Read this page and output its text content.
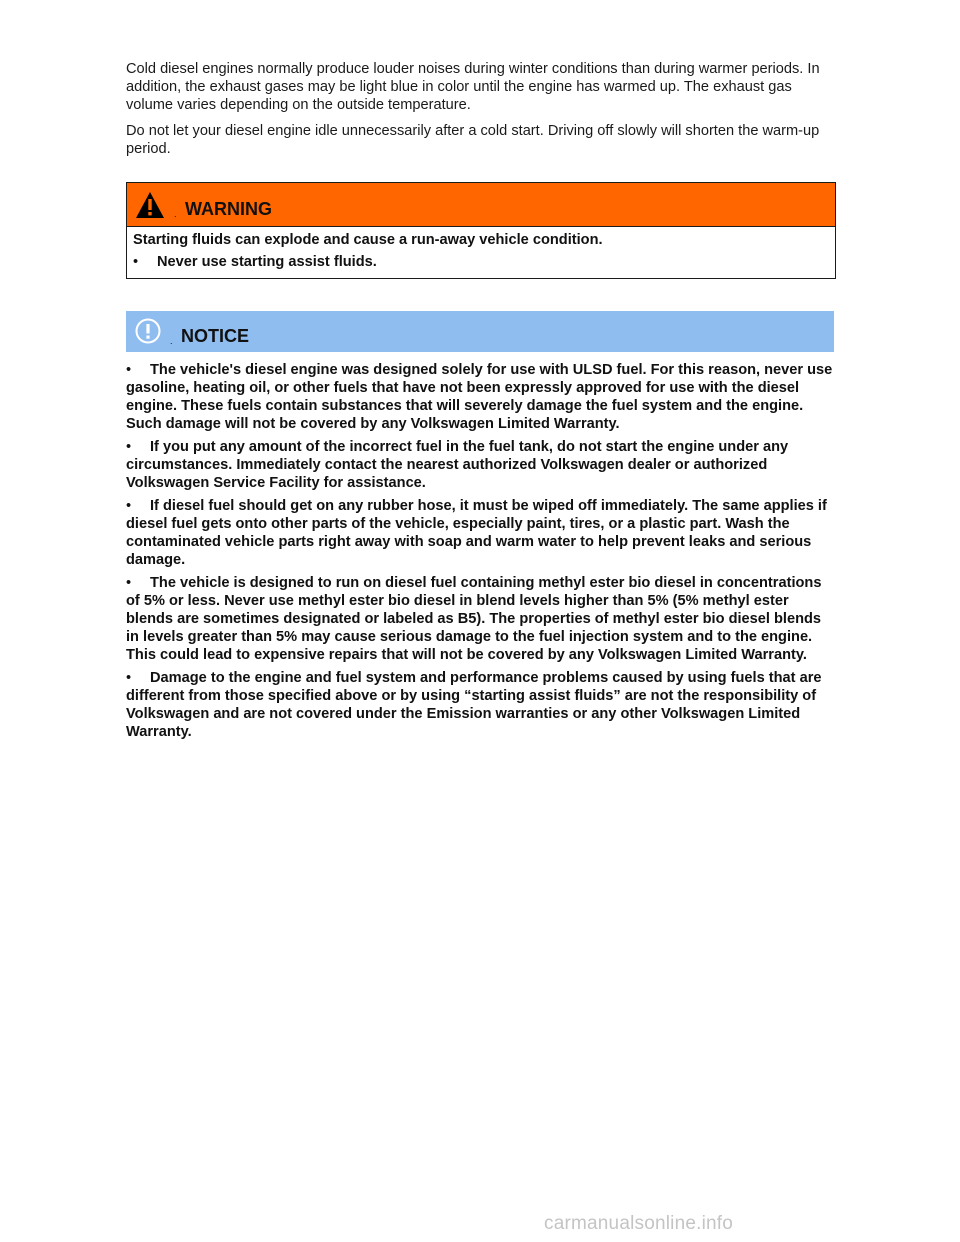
Cold diesel engines normally produce louder noises during winter conditions than during warmer periods. In addition, the exhaust gases may be light blue in color until the engine has warmed up. The exhaust gas volume varies depending on the outside temperature.

Do not let your diesel engine idle unnecessarily after a cold start. Driving off slowly will shorten the warm-up period.

. WARNING
Starting fluids can explode and cause a run-away vehicle condition.
• Never use starting assist fluids.
. NOTICE
• The vehicle's diesel engine was designed solely for use with ULSD fuel. For this reason, never use gasoline, heating oil, or other fuels that have not been expressly approved for use with the diesel engine. These fuels contain substances that will severely damage the fuel system and the engine. Such damage will not be covered by any Volkswagen Limited Warranty.
• If you put any amount of the incorrect fuel in the fuel tank, do not start the engine under any circumstances. Immediately contact the nearest authorized Volkswagen dealer or authorized Volkswagen Service Facility for assistance.
• If diesel fuel should get on any rubber hose, it must be wiped off immediately. The same applies if diesel fuel gets onto other parts of the vehicle, especially paint, tires, or a plastic part. Wash the contaminated vehicle parts right away with soap and warm water to help prevent leaks and serious damage.
• The vehicle is designed to run on diesel fuel containing methyl ester bio diesel in concentrations of 5% or less. Never use methyl ester bio diesel in blend levels higher than 5% (5% methyl ester blends are sometimes designated or labeled as B5). The properties of methyl ester bio diesel blends in levels greater than 5% may cause serious damage to the fuel injection system and to the engine. This could lead to expensive repairs that will not be covered by any Volkswagen Limited Warranty.
• Damage to the engine and fuel system and performance problems caused by using fuels that are different from those specified above or by using “starting assist fluids” are not the responsibility of Volkswagen and are not covered under the Emission warranties or any other Volkswagen Limited Warranty.
carmanualsonline.info
